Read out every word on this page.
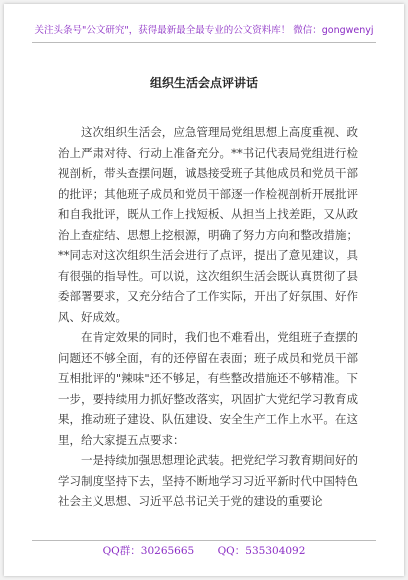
关注头条号"公文研究"，获得最新最全最专业的公文资料库！ 微信：gongwenyj
组织生活会点评讲话

这次组织生活会，应急管理局党组思想上高度重视、政治上严肃对待、行动上准备充分。**书记代表局党组进行检视剖析，带头查摆问题，诚恳接受班子其他成员和党员干部的批评；其他班子成员和党员干部逐一作检视剖析开展批评和自我批评，既从工作上找短板、从担当上找差距，又从政治上查症结、思想上挖根源，明确了努力方向和整改措施；**同志对这次组织生活会进行了点评，提出了意见建议，具有很强的指导性。可以说，这次组织生活会既认真贯彻了县委部署要求，又充分结合了工作实际，开出了好氛围、好作风、好成效。

在肯定效果的同时，我们也不难看出，党组班子查摆的问题还不够全面，有的还停留在表面；班子成员和党员干部互相批评的"辣味"还不够足，有些整改措施还不够精准。下一步，要持续用力抓好整改落实，巩固扩大党纪学习教育成果，推动班子建设、队伍建设、安全生产工作上水平。在这里，给大家提五点要求：

一是持续加强思想理论武装。把党纪学习教育期间好的学习制度坚持下去，坚持不断地学习习近平新时代中国特色社会主义思想、习近平总书记关于党的建设的重要论

QQ群：30265665 QQ：535304092
